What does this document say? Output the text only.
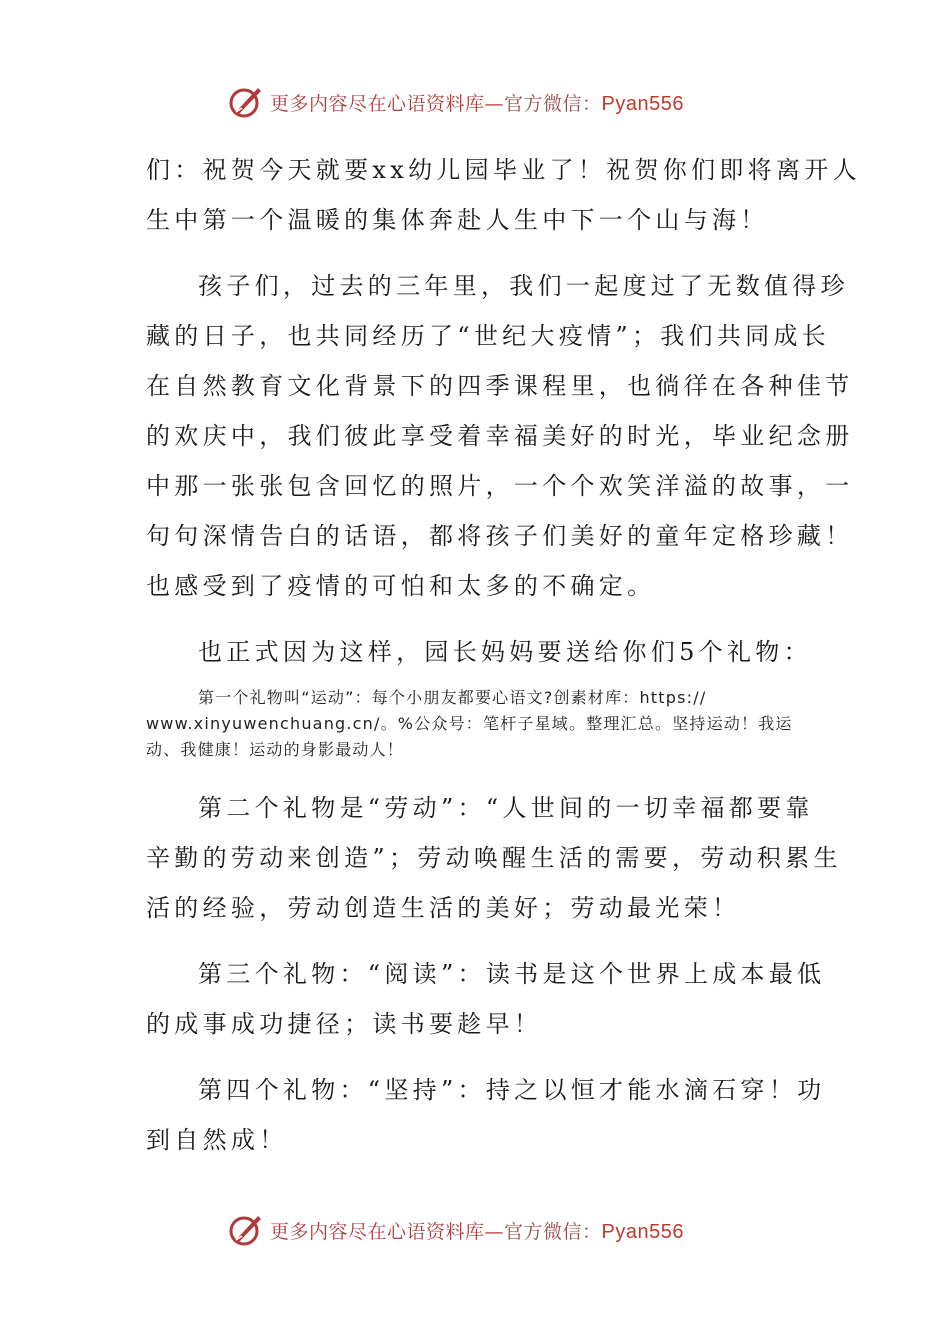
更多内容尽在心语资料库—官方微信：Pyan556

们：祝贺今天就要xx幼儿园毕业了！祝贺你们即将离开人

生中第一个温暖的集体奔赴人生中下一个山与海！

孩子们，过去的三年里，我们一起度过了无数值得珍

藏的日子，也共同经历了“世纪大疫情”；我们共同成长

在自然教育文化背景下的四季课程里，也徜徉在各种佳节

的欢庆中，我们彼此享受着幸福美好的时光，毕业纪念册

中那一张张包含回忆的照片，一个个欢笑洋溢的故事，一

句句深情告白的话语，都将孩子们美好的童年定格珍藏！

也感受到了疫情的可怕和太多的不确定。

也正式因为这样，园长妈妈要送给你们5个礼物：

第一个礼物叫“运动”：每个小朋友都要心语文?创素材库：https://

www.xinyuwenchuang.cn/。%公众号：笔杆子星域。整理汇总。坚持运动！我运

动、我健康！运动的身影最动人！

第二个礼物是“劳动”：“人世间的一切幸福都要靠

辛勤的劳动来创造”；劳动唤醒生活的需要，劳动积累生

活的经验，劳动创造生活的美好；劳动最光荣！

第三个礼物：“阅读”：读书是这个世界上成本最低

的成事成功捷径；读书要趁早！

第四个礼物：“坚持”：持之以恒才能水滴石穿！功

到自然成！

更多内容尽在心语资料库—官方微信：Pyan556
